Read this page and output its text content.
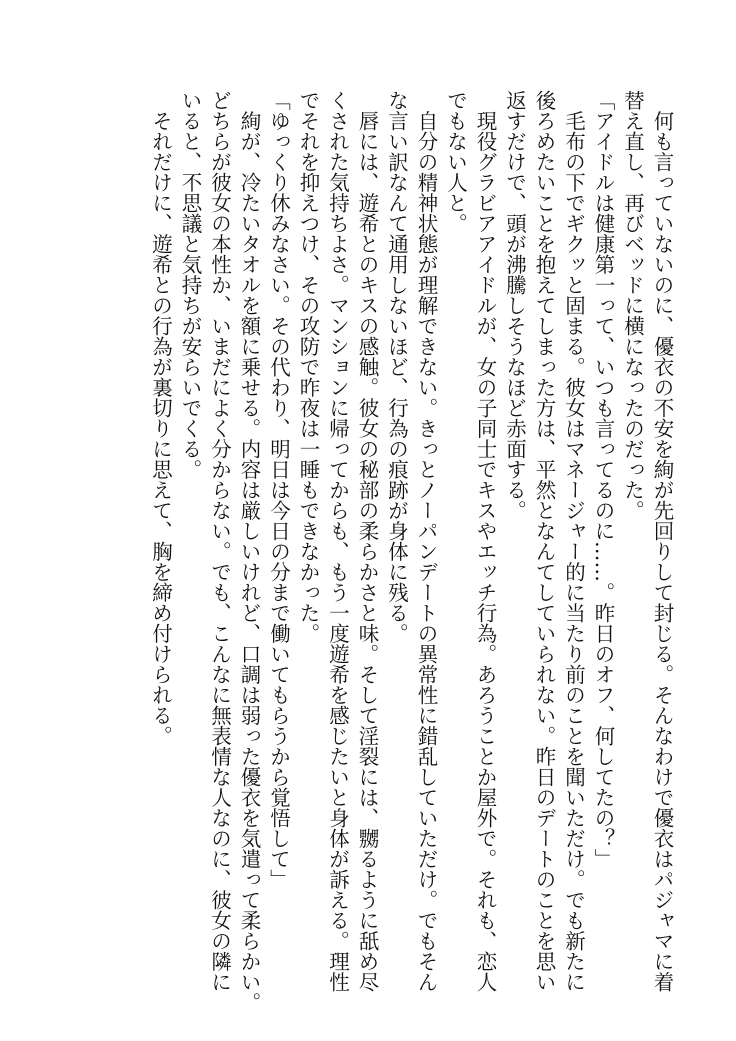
　何も言っていないのに、優衣の不安を絢が先回りして封じる。そんなわけで優衣はパジャマに着
替え直し、再びベッドに横になったのだった。
「アイドルは健康第一って、いつも言ってるのに……。昨日のオフ、何してたの？」
　毛布の下でギクッと固まる。彼女はマネージャー的に当たり前のことを聞いただけ。でも新たに
後ろめたいことを抱えてしまった方は、平然となんてしていられない。昨日のデートのことを思い
返すだけで、頭が沸騰しそうなほど赤面する。
　現役グラビアアイドルが、女の子同士でキスやエッチ行為。あろうことか屋外で。それも、恋人
でもない人と。
　自分の精神状態が理解できない。きっとノーパンデートの異常性に錯乱していただけ。でもそん
な言い訳なんて通用しないほど、行為の痕跡が身体に残る。
　唇には、遊希とのキスの感触。彼女の秘部の柔らかさと味。そして淫裂には、嬲るように舐め尽
くされた気持ちよさ。マンションに帰ってからも、もう一度遊希を感じたいと身体が訴える。理性
でそれを抑えつけ、その攻防で昨夜は一睡もできなかった。
「ゆっくり休みなさい。その代わり、明日は今日の分まで働いてもらうから覚悟して」
　絢が、冷たいタオルを額に乗せる。内容は厳しいけれど、口調は弱った優衣を気遣って柔らかい。
どちらが彼女の本性か、いまだによく分からない。でも、こんなに無表情な人なのに、彼女の隣に
いると、不思議と気持ちが安らいでくる。
　それだけに、遊希との行為が裏切りに思えて、胸を締め付けられる。
